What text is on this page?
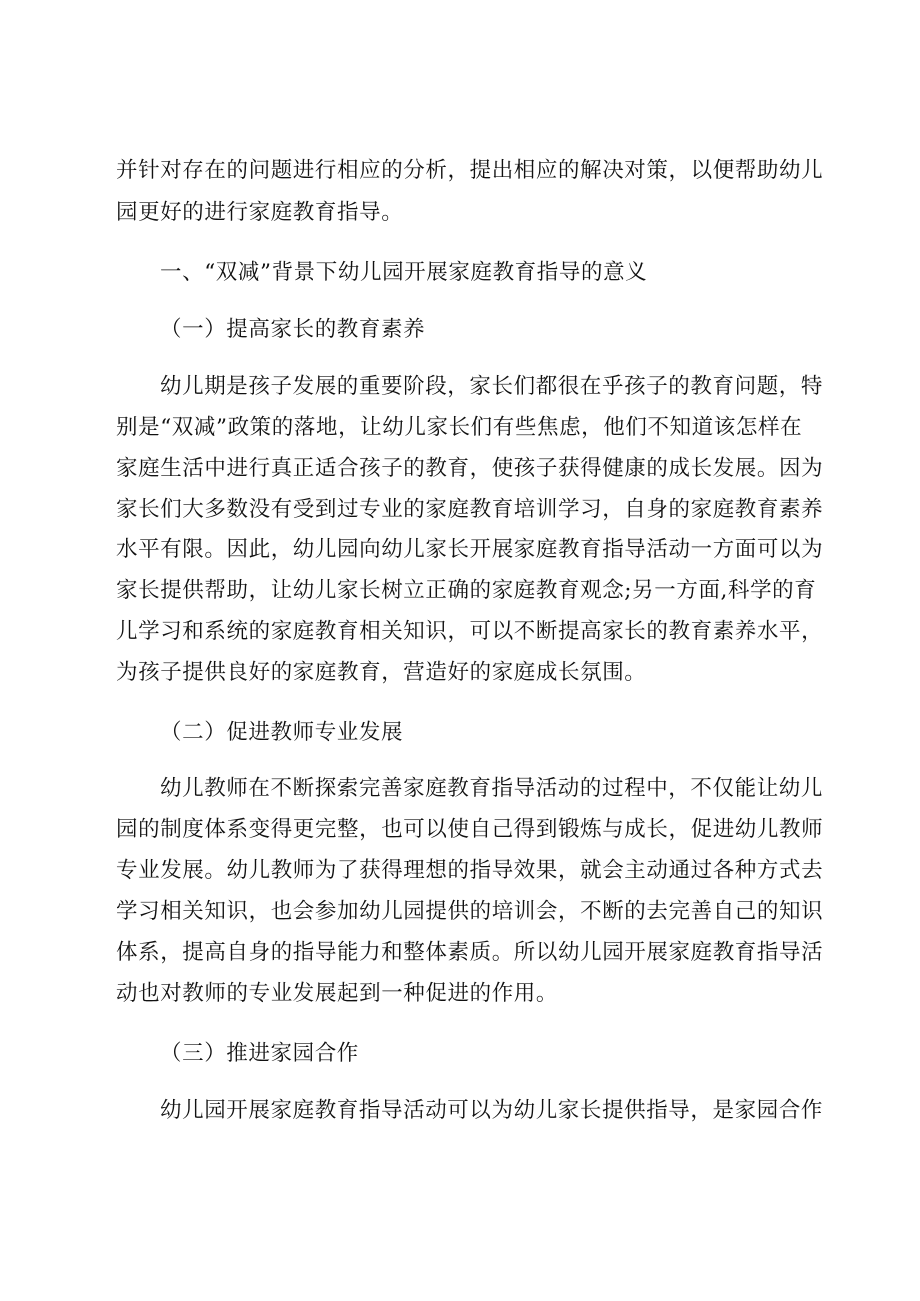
并针对存在的问题进行相应的分析，提出相应的解决对策，以便帮助幼儿
园更好的进行家庭教育指导。
一、“双减”背景下幼儿园开展家庭教育指导的意义
（一）提高家长的教育素养
幼儿期是孩子发展的重要阶段，家长们都很在乎孩子的教育问题，特
别是“双减”政策的落地，让幼儿家长们有些焦虑，他们不知道该怎样在
家庭生活中进行真正适合孩子的教育，使孩子获得健康的成长发展。因为
家长们大多数没有受到过专业的家庭教育培训学习，自身的家庭教育素养
水平有限。因此，幼儿园向幼儿家长开展家庭教育指导活动一方面可以为
家长提供帮助，让幼儿家长树立正确的家庭教育观念;另一方面,科学的育
儿学习和系统的家庭教育相关知识，可以不断提高家长的教育素养水平，
为孩子提供良好的家庭教育，营造好的家庭成长氛围。
（二）促进教师专业发展
幼儿教师在不断探索完善家庭教育指导活动的过程中，不仅能让幼儿
园的制度体系变得更完整，也可以使自己得到锻炼与成长，促进幼儿教师
专业发展。幼儿教师为了获得理想的指导效果，就会主动通过各种方式去
学习相关知识，也会参加幼儿园提供的培训会，不断的去完善自己的知识
体系，提高自身的指导能力和整体素质。所以幼儿园开展家庭教育指导活
动也对教师的专业发展起到一种促进的作用。
（三）推进家园合作
幼儿园开展家庭教育指导活动可以为幼儿家长提供指导，是家园合作
